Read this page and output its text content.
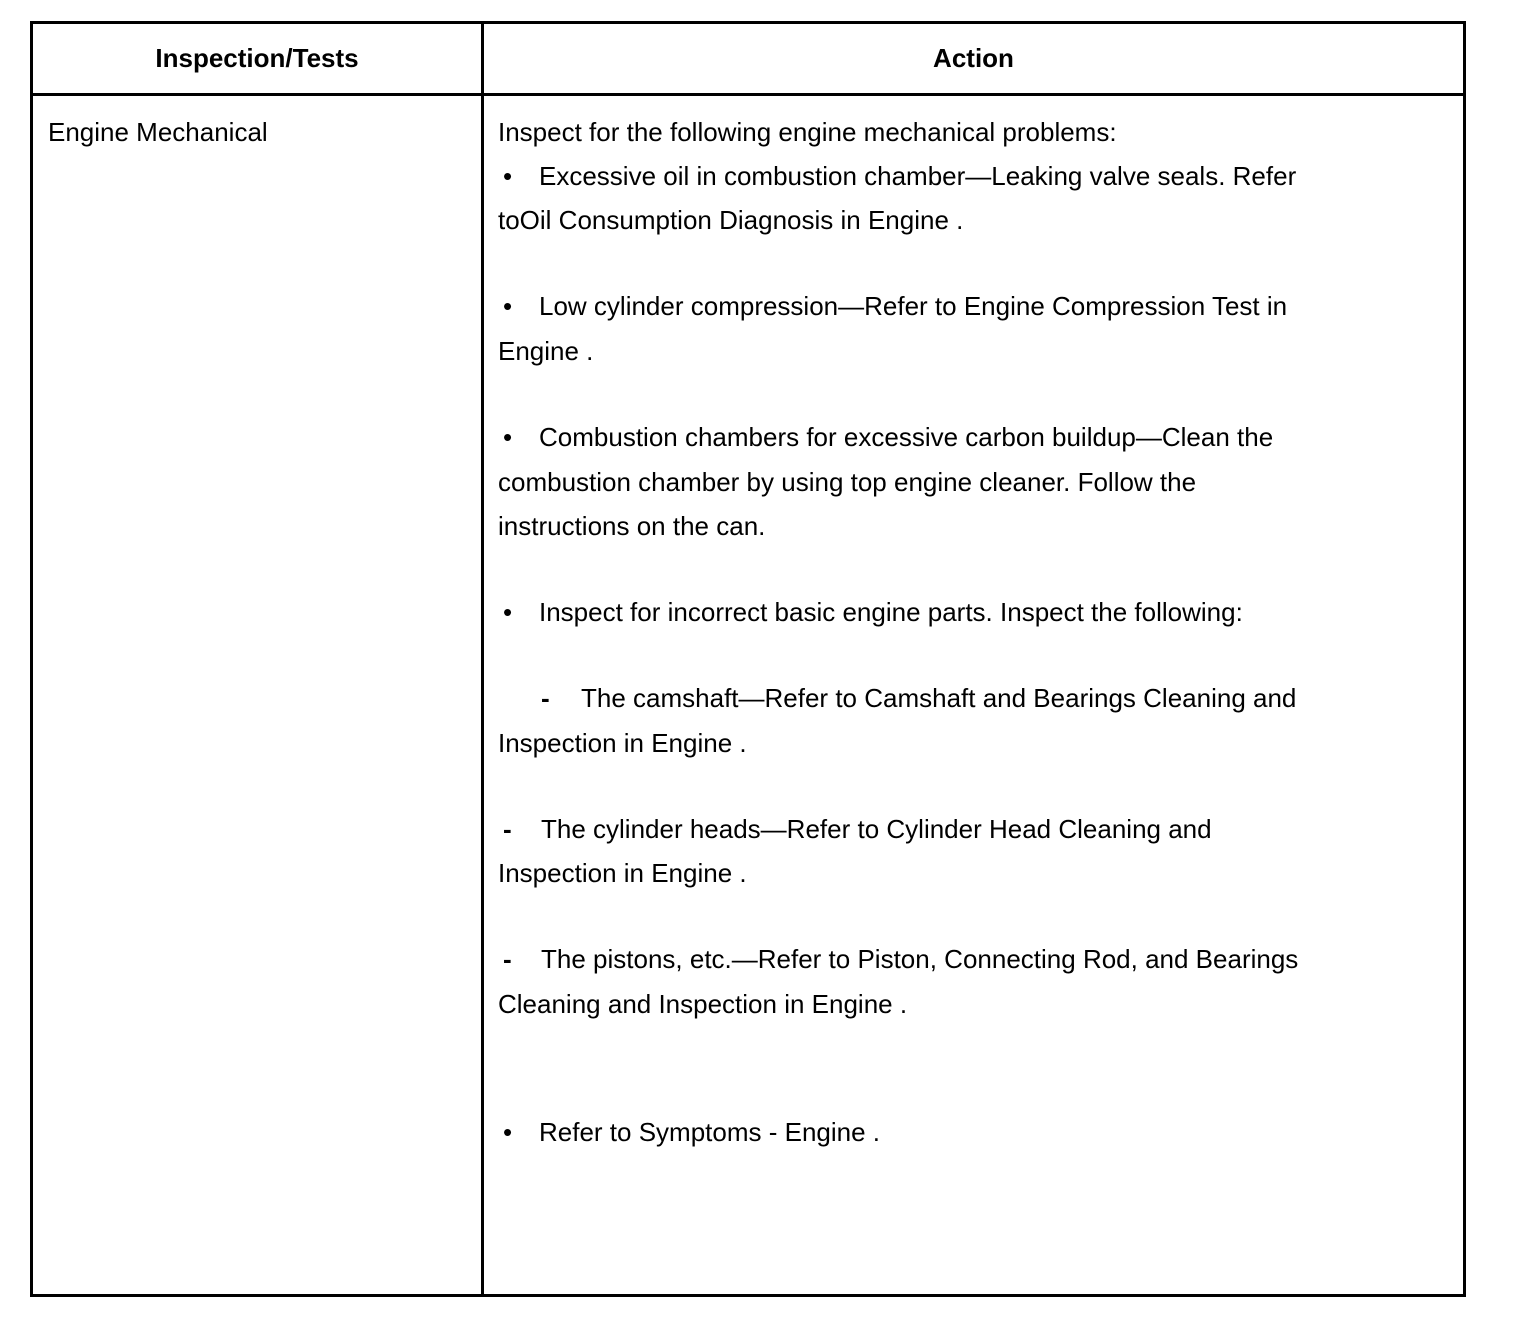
Inspection/Tests	Action
Engine Mechanical	Inspect for the following engine mechanical problems:
• Excessive oil in combustion chamber—Leaking valve seals. Refer
toOil Consumption Diagnosis in Engine .
• Low cylinder compression—Refer to Engine Compression Test in
Engine .
• Combustion chambers for excessive carbon buildup—Clean the
combustion chamber by using top engine cleaner. Follow the
instructions on the can.
• Inspect for incorrect basic engine parts. Inspect the following:
- The camshaft—Refer to Camshaft and Bearings Cleaning and
Inspection in Engine .
- The cylinder heads—Refer to Cylinder Head Cleaning and
Inspection in Engine .
- The pistons, etc.—Refer to Piston, Connecting Rod, and Bearings
Cleaning and Inspection in Engine .
• Refer to Symptoms - Engine .
